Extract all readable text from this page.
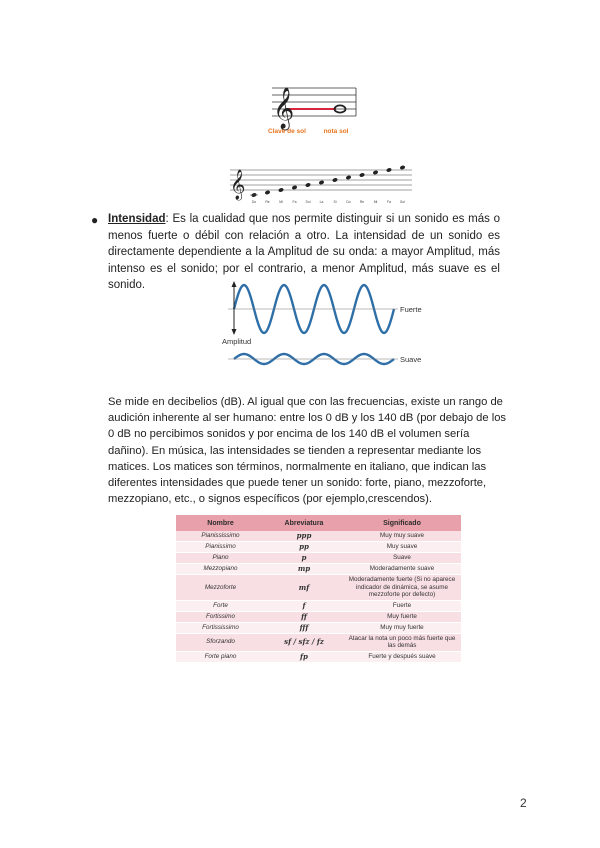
𝄞
Clave de sol	nota sol
𝄞
Do	Re	Mi	Fa	Sol	La	Si	Do	Re	Mi	Fa	Sol
● Intensidad: Es la cualidad que nos permite distinguir si un sonido es más o menos fuerte o débil con relación a otro. La intensidad de un sonido es directamente dependiente a la Amplitud de su onda: a mayor Amplitud, más intenso es el sonido; por el contrario, a menor Amplitud, más suave es el sonido.
Fuerte
Suave
Amplitud
Se mide en decibelios (dB). Al igual que con las frecuencias, existe un rango de audición inherente al ser humano: entre los 0 dB y los 140 dB (por debajo de los 0 dB no percibimos sonidos y por encima de los 140 dB el volumen sería dañino). En música, las intensidades se tienden a representar mediante los matices. Los matices son términos, normalmente en italiano, que indican las diferentes intensidades que puede tener un sonido: forte, piano, mezzoforte, mezzopiano, etc., o signos específicos (por ejemplo,crescendos).
Nombre	Abreviatura	Significado
Pianississimo	ppp	Muy muy suave
Pianissimo	pp	Muy suave
Piano	p	Suave
Mezzopiano	mp	Moderadamente suave
Mezzoforte	mf	Moderadamente fuerte (Si no aparece indicador de dinámica, se asume mezzoforte por defecto)
Forte	f	Fuerte
Fortissimo	ff	Muy fuerte
Fortississimo	fff	Muy muy fuerte
Sforzando	sf / sfz / fz	Atacar la nota un poco más fuerte que las demás
Forte piano	fp	Fuerte y después suave
2
